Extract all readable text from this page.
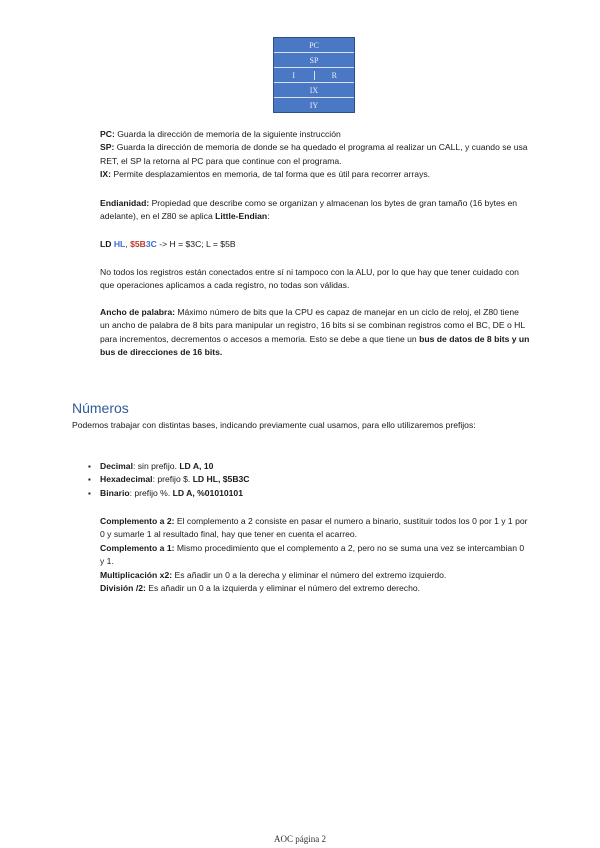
PC
SP
I	R
IX
IY

PC: Guarda la dirección de memoria de la siguiente instrucción
SP: Guarda la dirección de memoria de donde se ha quedado el programa al realizar un CALL, y cuando se usa RET, el SP la retorna al PC para que continue con el programa.
IX: Permite desplazamientos en memoria, de tal forma que es útil para recorrer arrays.

Endianidad: Propiedad que describe como se organizan y almacenan los bytes de gran tamaño (16 bytes en adelante), en el Z80 se aplica Little-Endian:

LD HL, $5B3C -> H = $3C; L = $5B

No todos los registros están conectados entre sí ni tampoco con la ALU, por lo que hay que tener cuidado con que operaciones aplicamos a cada registro, no todas son válidas.

Ancho de palabra: Máximo número de bits que la CPU es capaz de manejar en un ciclo de reloj, el Z80 tiene un ancho de palabra de 8 bits para manipular un registro, 16 bits si se combinan registros como el BC, DE o HL para incrementos, decrementos o accesos a memoria. Esto se debe a que tiene un bus de datos de 8 bits y un bus de direcciones de 16 bits.

Números

Podemos trabajar con distintas bases, indicando previamente cual usamos, para ello utilizaremos prefijos:

▪ Decimal: sin prefijo. LD A, 10
▪ Hexadecimal: prefijo $. LD HL, $5B3C
▪ Binario: prefijo %. LD A, %01010101

Complemento a 2: El complemento a 2 consiste en pasar el numero a binario, sustituir todos los 0 por 1 y 1 por 0 y sumarle 1 al resultado final, hay que tener en cuenta el acarreo.
Complemento a 1: Mismo procedimiento que el complemento a 2, pero no se suma una vez se intercambian 0 y 1.
Multiplicación x2: Es añadir un 0 a la derecha y eliminar el número del extremo izquierdo.
División /2: Es añadir un 0 a la izquierda y eliminar el número del extremo derecho.

AOC página 2
